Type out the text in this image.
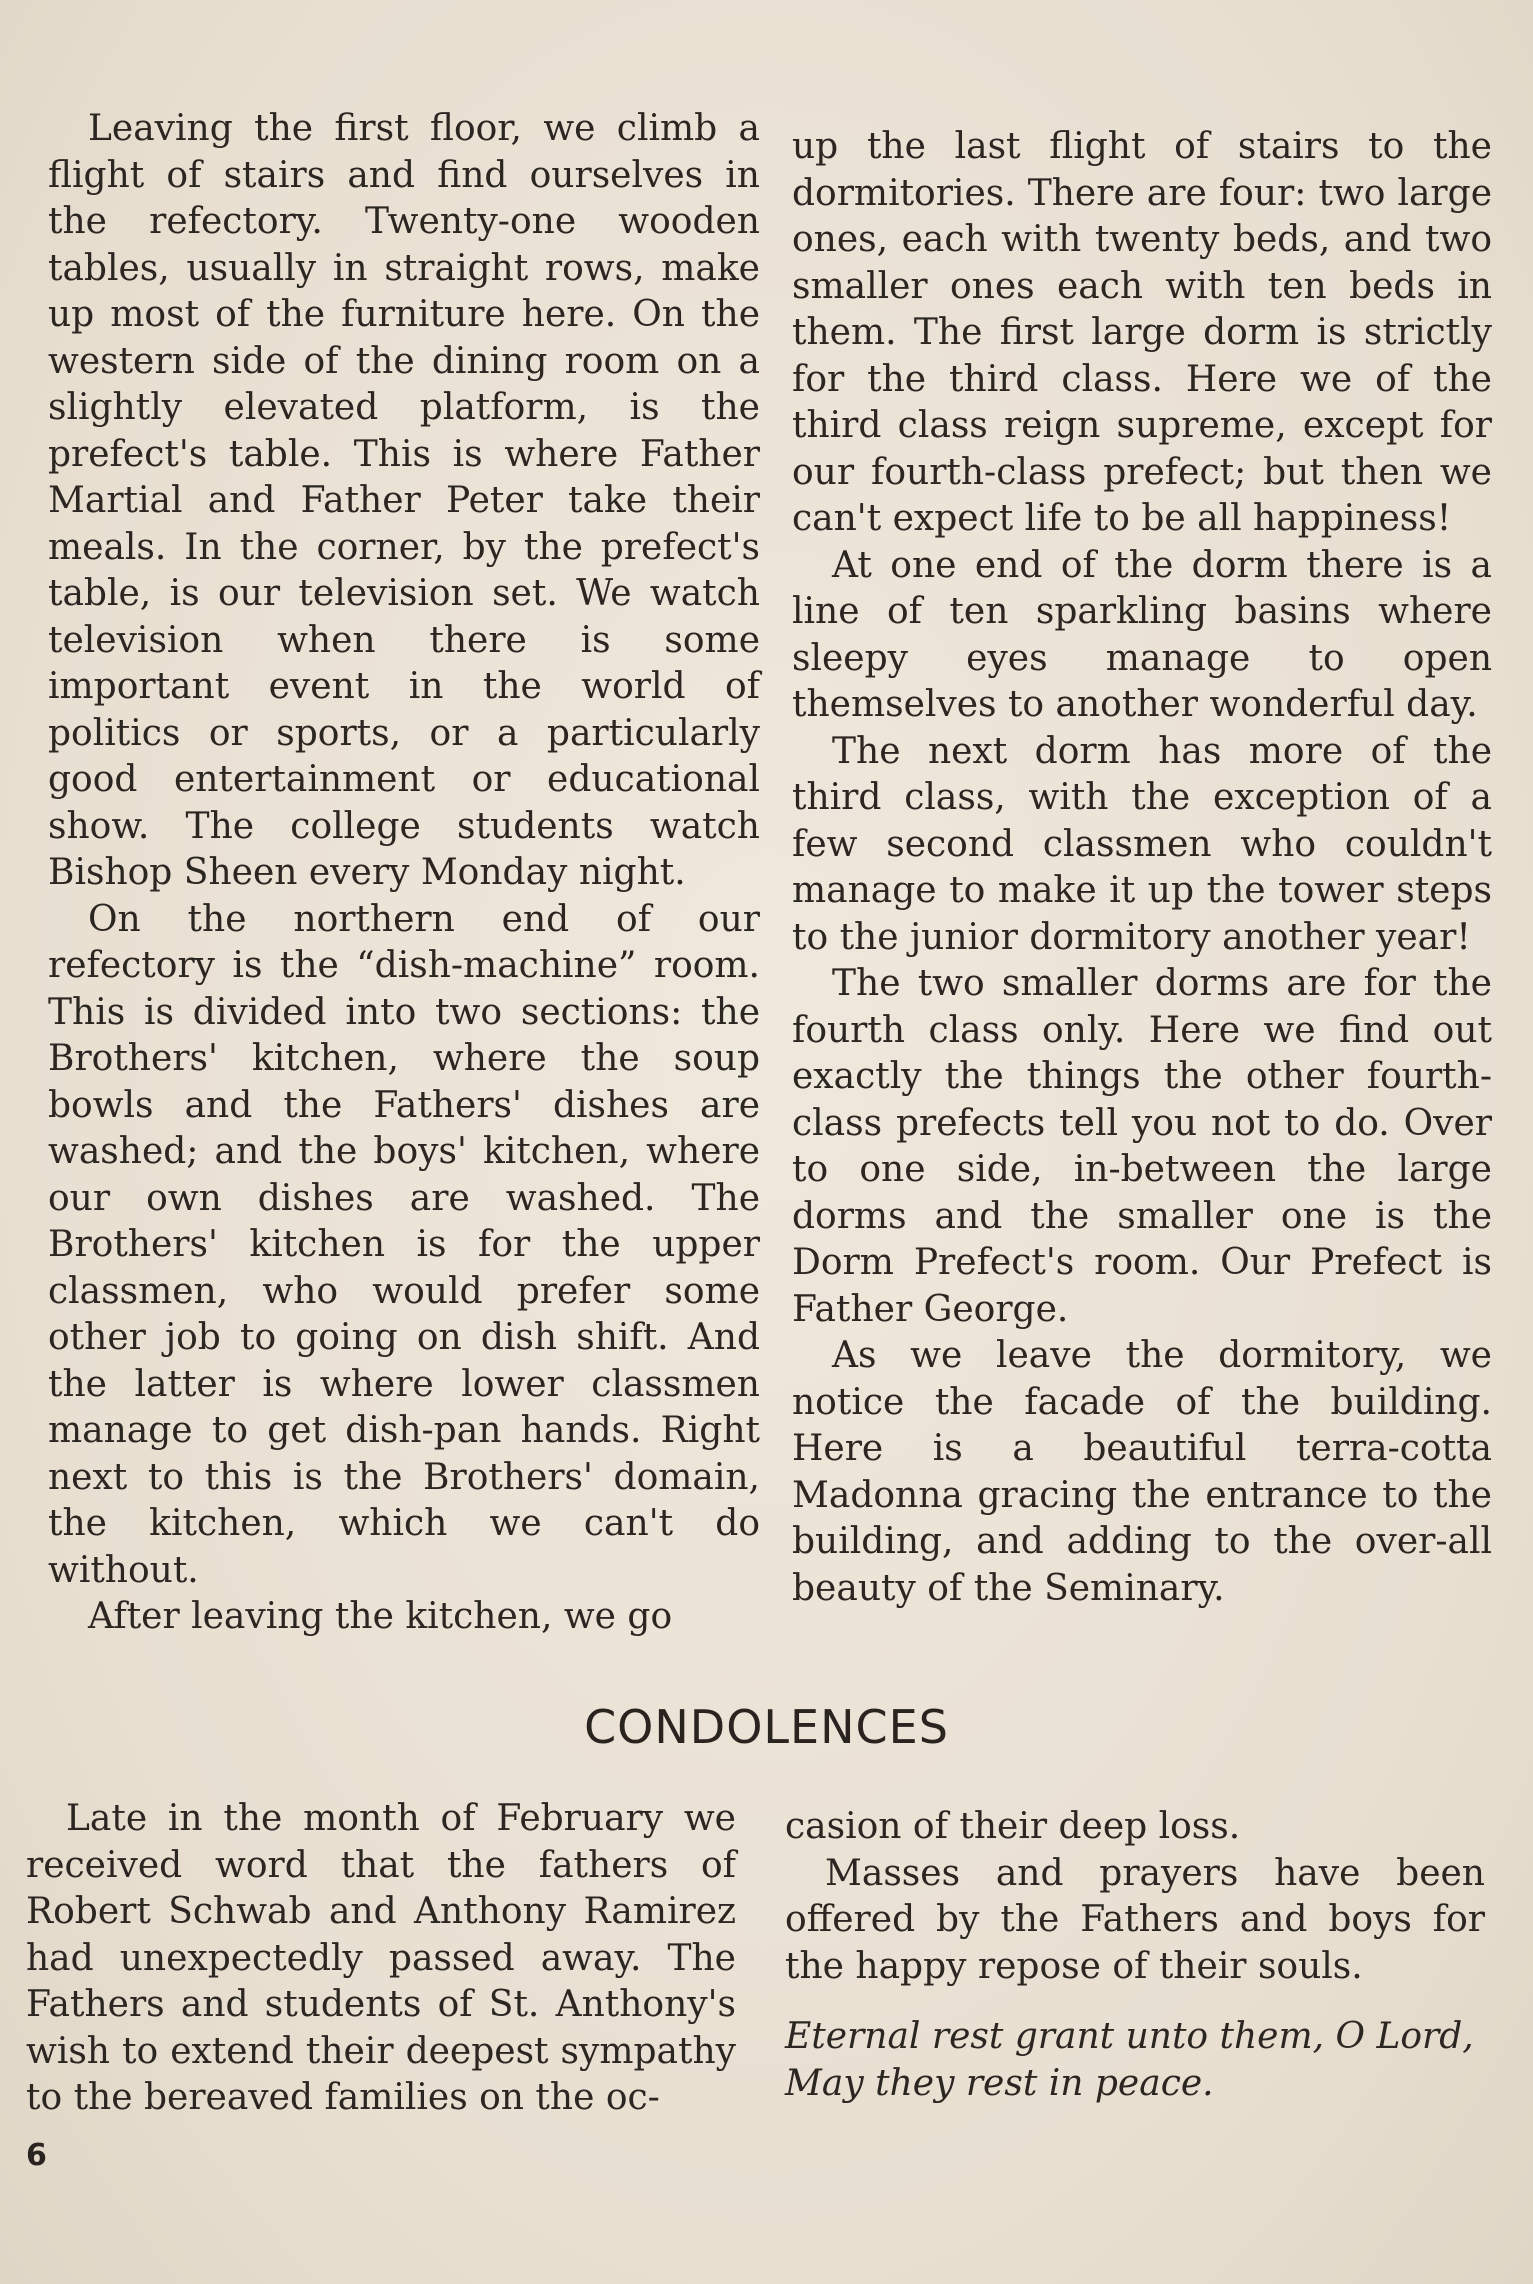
Leaving the first floor, we climb a flight of stairs and find ourselves in the refectory. Twenty-one wooden tables, usually in straight rows, make up most of the furniture here. On the western side of the dining room on a slightly elevated platform, is the prefect's table. This is where Father Martial and Father Peter take their meals. In the corner, by the prefect's table, is our television set. We watch television when there is some important event in the world of politics or sports, or a particularly good entertainment or educational show. The college students watch Bishop Sheen every Monday night.

On the northern end of our refectory is the “dish-machine” room. This is divided into two sections: the Brothers' kitchen, where the soup bowls and the Fathers' dishes are washed; and the boys' kitchen, where our own dishes are washed. The Brothers' kitchen is for the upper classmen, who would prefer some other job to going on dish shift. And the latter is where lower classmen manage to get dish-pan hands. Right next to this is the Brothers' domain, the kitchen, which we can't do without.

After leaving the kitchen, we go

up the last flight of stairs to the dormitories. There are four: two large ones, each with twenty beds, and two smaller ones each with ten beds in them. The first large dorm is strictly for the third class. Here we of the third class reign supreme, except for our fourth-class prefect; but then we can't expect life to be all happiness!

At one end of the dorm there is a line of ten sparkling basins where sleepy eyes manage to open themselves to another wonderful day.

The next dorm has more of the third class, with the exception of a few second classmen who couldn't manage to make it up the tower steps to the junior dormitory another year!

The two smaller dorms are for the fourth class only. Here we find out exactly the things the other fourth-class prefects tell you not to do. Over to one side, in-between the large dorms and the smaller one is the Dorm Prefect's room. Our Prefect is Father George.

As we leave the dormitory, we notice the facade of the building. Here is a beautiful terra-cotta Madonna gracing the entrance to the building, and adding to the over-all beauty of the Seminary.

CONDOLENCES

Late in the month of February we received word that the fathers of Robert Schwab and Anthony Ramirez had unexpectedly passed away. The Fathers and students of St. Anthony's wish to extend their deepest sympathy to the bereaved families on the oc-

casion of their deep loss.

Masses and prayers have been offered by the Fathers and boys for the happy repose of their souls.

Eternal rest grant unto them, O Lord,
May they rest in peace.

6
